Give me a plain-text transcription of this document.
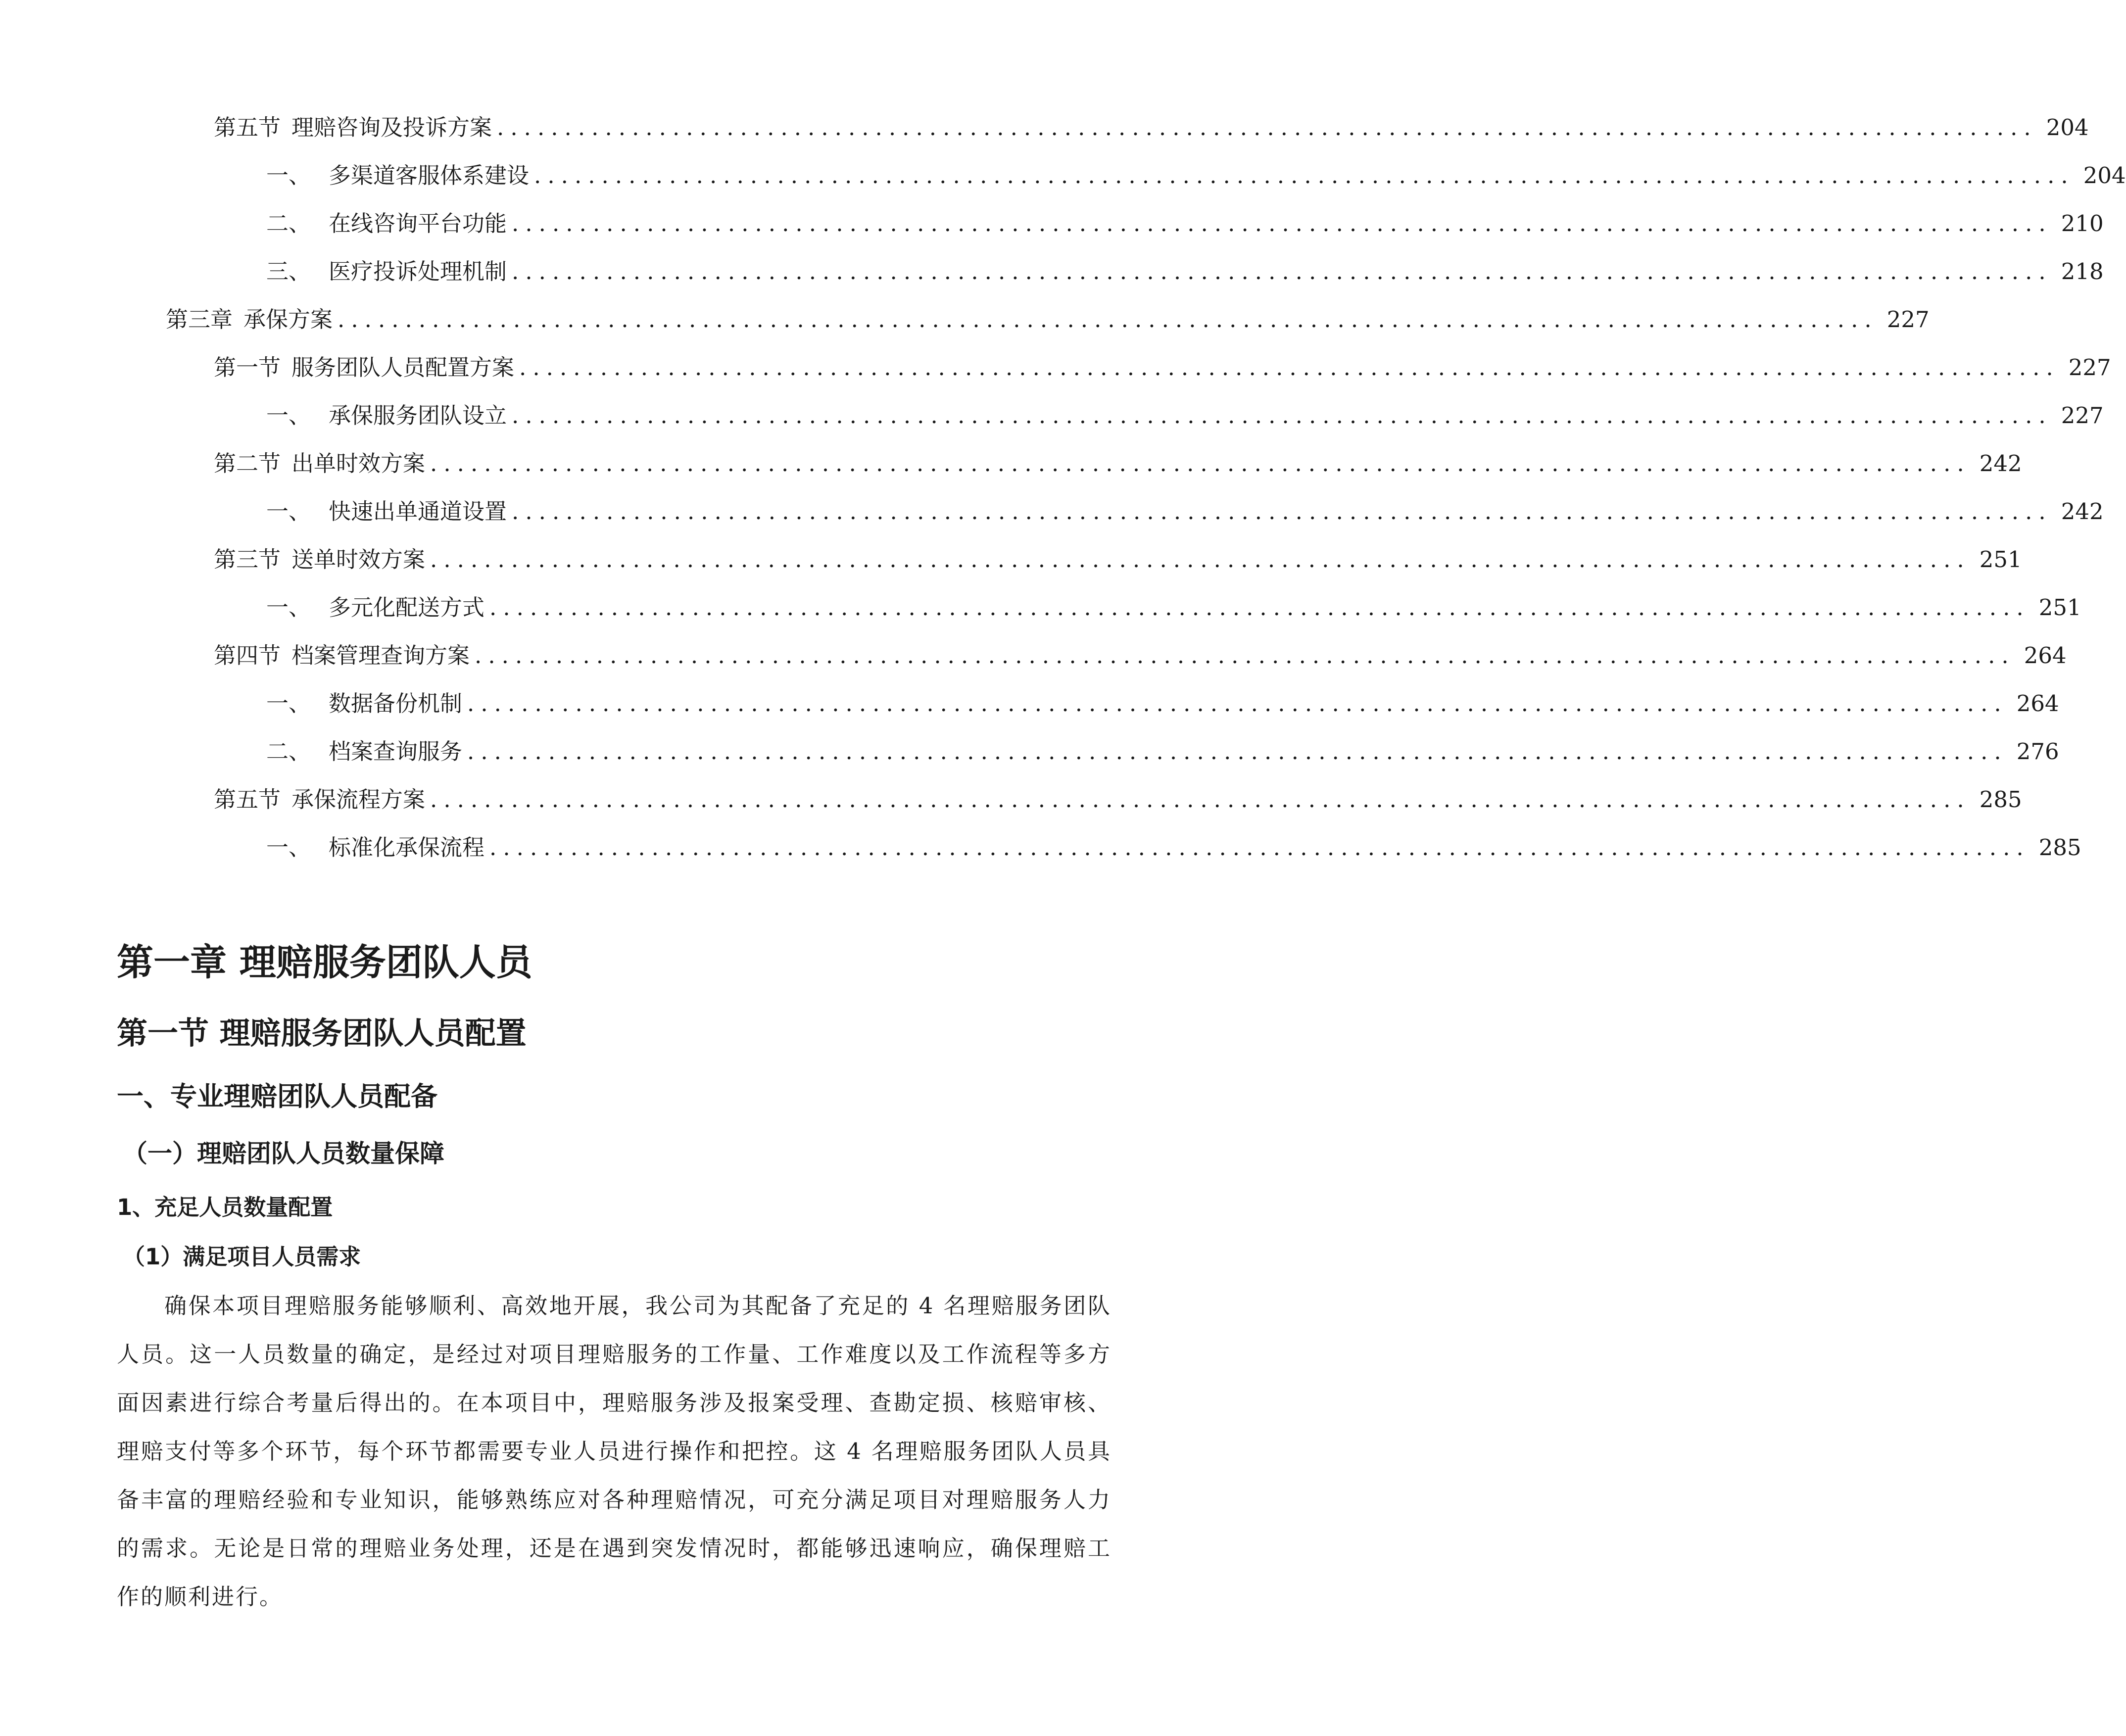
第五节 理赔咨询及投诉方案 .................................................................................................................. 204
一、 多渠道客服体系建设 .................................................................................................................. 204
二、 在线咨询平台功能 .................................................................................................................. 210
三、 医疗投诉处理机制 .................................................................................................................. 218
第三章 承保方案 .................................................................................................................. 227
第一节 服务团队人员配置方案 .................................................................................................................. 227
一、 承保服务团队设立 .................................................................................................................. 227
第二节 出单时效方案 .................................................................................................................. 242
一、 快速出单通道设置 .................................................................................................................. 242
第三节 送单时效方案 .................................................................................................................. 251
一、 多元化配送方式 .................................................................................................................. 251
第四节 档案管理查询方案 .................................................................................................................. 264
一、 数据备份机制 .................................................................................................................. 264
二、 档案查询服务 .................................................................................................................. 276
第五节 承保流程方案 .................................................................................................................. 285
一、 标准化承保流程 .................................................................................................................. 285
第一章 理赔服务团队人员
第一节 理赔服务团队人员配置
一、专业理赔团队人员配备
（一）理赔团队人员数量保障
1、充足人员数量配置
（1）满足项目人员需求

确保本项目理赔服务能够顺利、高效地开展，我公司为其配备了充足的 4 名理赔服务团队人员。这一人员数量的确定，是经过对项目理赔服务的工作量、工作难度以及工作流程等多方面因素进行综合考量后得出的。在本项目中，理赔服务涉及报案受理、查勘定损、核赔审核、理赔支付等多个环节，每个环节都需要专业人员进行操作和把控。这 4 名理赔服务团队人员具备丰富的理赔经验和专业知识，能够熟练应对各种理赔情况，可充分满足项目对理赔服务人力的需求。无论是日常的理赔业务处理，还是在遇到突发情况时，都能够迅速响应，确保理赔工作的顺利进行。
